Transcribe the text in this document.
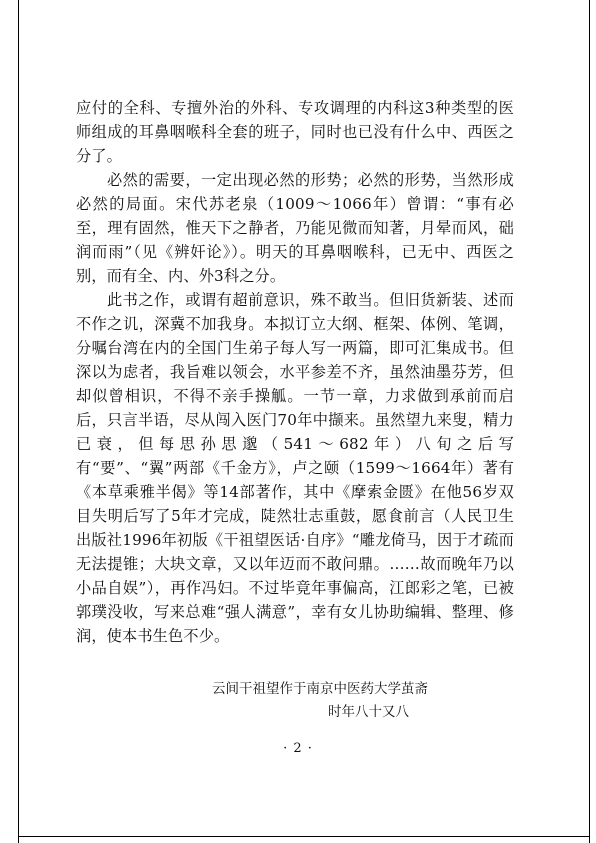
应付的全科、专擅外治的外科、专攻调理的内科这3种类型的医师组成的耳鼻咽喉科全套的班子，同时也已没有什么中、西医之分了。

必然的需要，一定出现必然的形势；必然的形势，当然形成必然的局面。宋代苏老泉（1009～1066年）曾谓：“事有必至，理有固然，惟天下之静者，乃能见微而知著，月晕而风，础润而雨”（见《辨奸论》）。明天的耳鼻咽喉科，已无中、西医之别，而有全、内、外3科之分。

此书之作，或谓有超前意识，殊不敢当。但旧货新装、述而不作之讥，深冀不加我身。本拟订立大纲、框架、体例、笔调，分嘱台湾在内的全国门生弟子每人写一两篇，即可汇集成书。但深以为虑者，我旨难以领会，水平参差不齐，虽然油墨芬芳，但却似曾相识，不得不亲手操觚。一节一章，力求做到承前而启后，只言半语，尽从闯入医门70年中撷来。虽然望九来叟，精力已衰，但每思孙思邈（541～682年）八旬之后写有“要”、“翼”两部《千金方》，卢之颐（1599～1664年）著有《本草乘雅半偈》等14部著作，其中《摩索金匮》在他56岁双目失明后写了5年才完成，陡然壮志重鼓，愿食前言（人民卫生出版社1996年初版《干祖望医话·自序》“雕龙倚马，因于才疏而无法提锥；大块文章，又以年迈而不敢问鼎。……故而晚年乃以小品自娱”），再作冯妇。不过毕竟年事偏高，江郎彩之笔，已被郭璞没收，写来总难“强人满意”，幸有女儿协助编辑、整理、修润，使本书生色不少。

云间干祖望作于南京中医药大学茧斋
时年八十又八
· 2 ·
